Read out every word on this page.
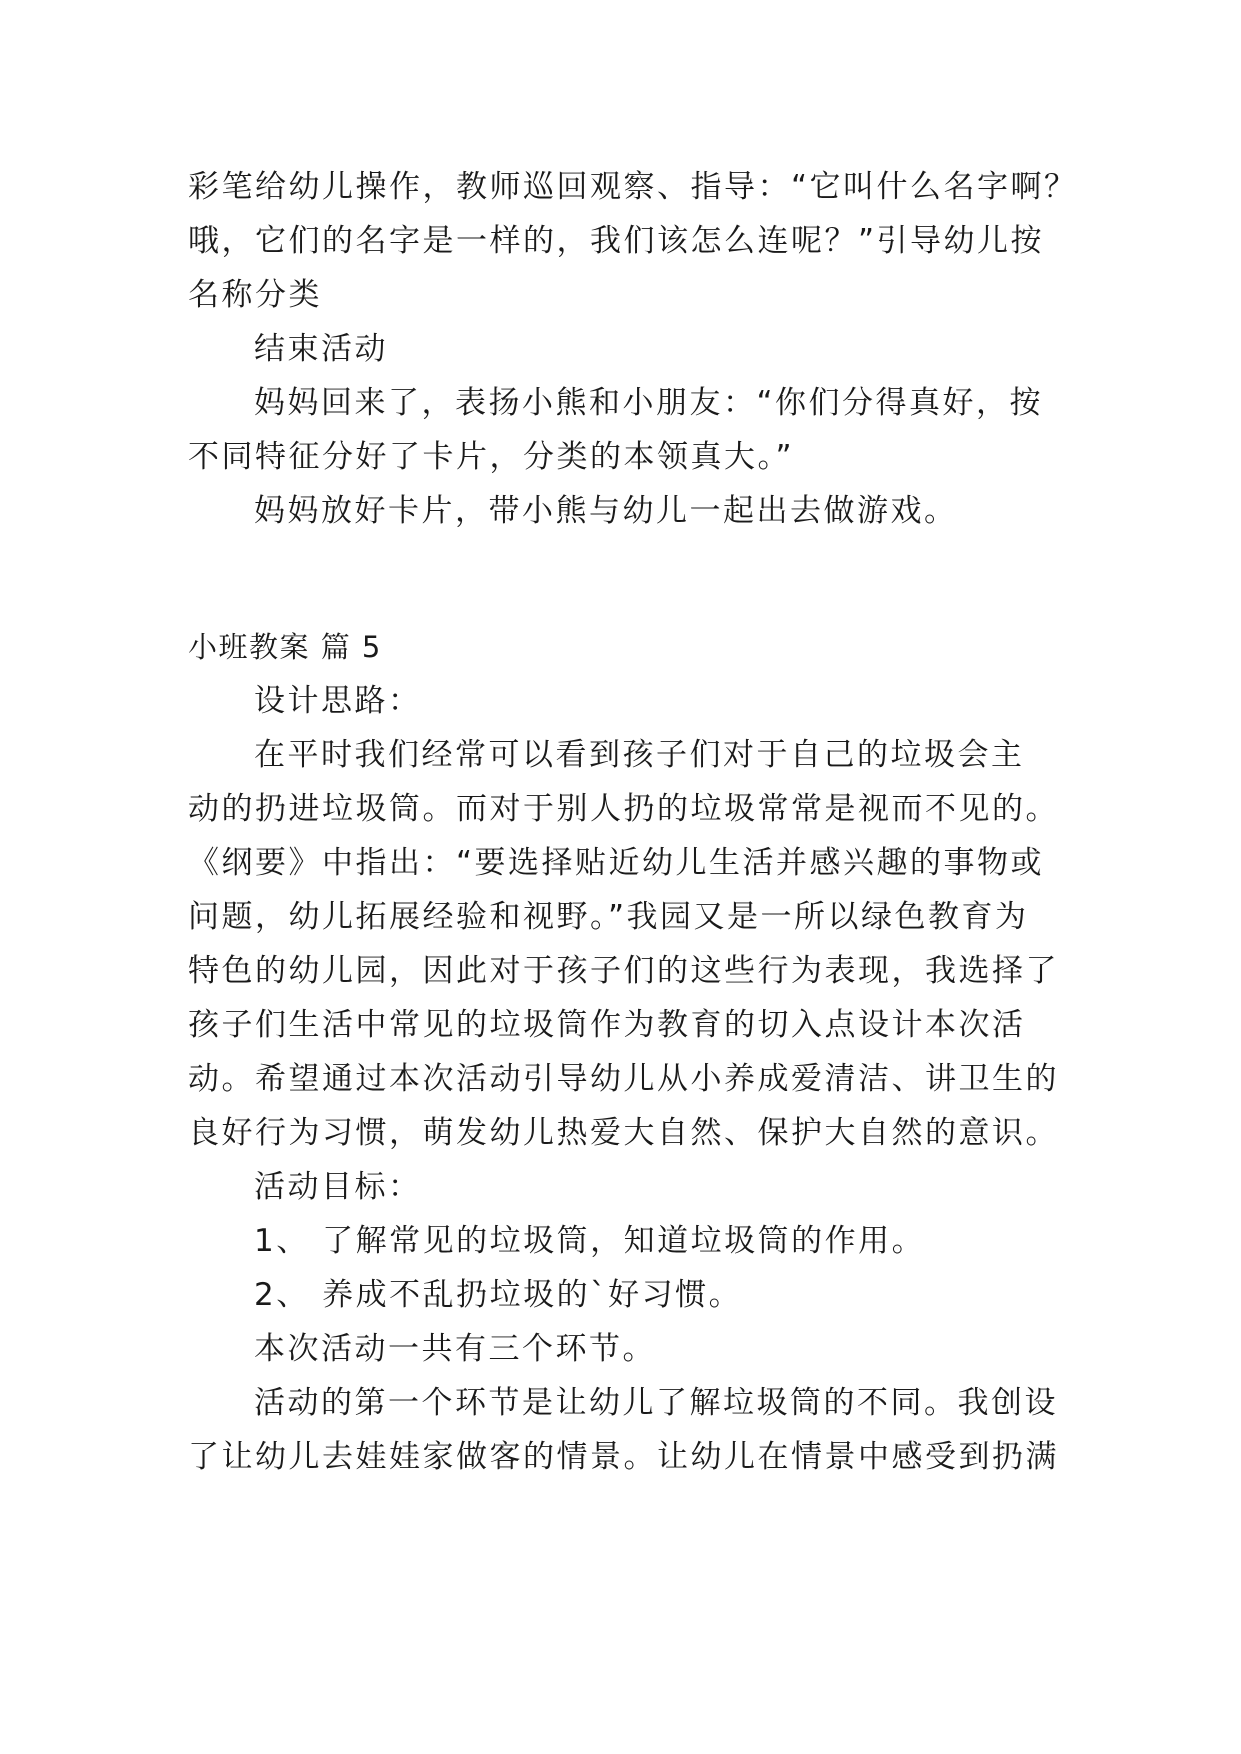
彩笔给幼儿操作，教师巡回观察、指导：“它叫什么名字啊？
哦，它们的名字是一样的，我们该怎么连呢？”引导幼儿按
名称分类
结束活动
妈妈回来了，表扬小熊和小朋友：“你们分得真好，按
不同特征分好了卡片，分类的本领真大。”
妈妈放好卡片，带小熊与幼儿一起出去做游戏。
小班教案 篇 5
设计思路：
在平时我们经常可以看到孩子们对于自己的垃圾会主
动的扔进垃圾筒。而对于别人扔的垃圾常常是视而不见的。
《纲要》中指出：“要选择贴近幼儿生活并感兴趣的事物或
问题，幼儿拓展经验和视野。”我园又是一所以绿色教育为
特色的幼儿园，因此对于孩子们的这些行为表现，我选择了
孩子们生活中常见的垃圾筒作为教育的切入点设计本次活
动。希望通过本次活动引导幼儿从小养成爱清洁、讲卫生的
良好行为习惯，萌发幼儿热爱大自然、保护大自然的意识。
活动目标：
1、 了解常见的垃圾筒，知道垃圾筒的作用。
2、 养成不乱扔垃圾的`好习惯。
本次活动一共有三个环节。
活动的第一个环节是让幼儿了解垃圾筒的不同。我创设
了让幼儿去娃娃家做客的情景。让幼儿在情景中感受到扔满
